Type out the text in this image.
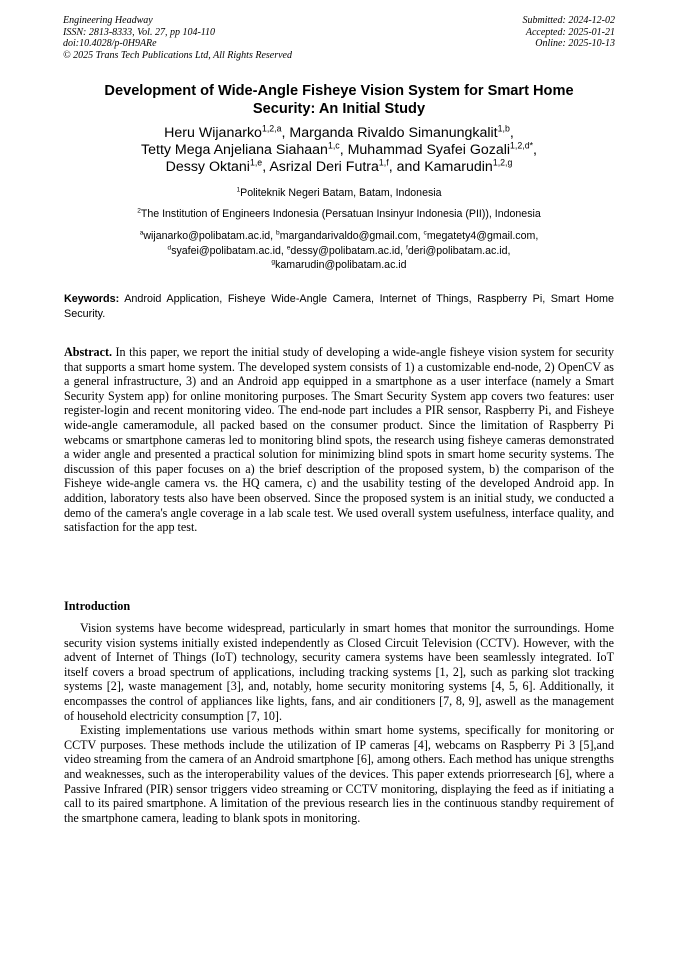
Engineering Headway
ISSN: 2813-8333, Vol. 27, pp 104-110
doi:10.4028/p-0H9ARe
© 2025 Trans Tech Publications Ltd, All Rights Reserved
Submitted: 2024-12-02
Accepted: 2025-01-21
Online: 2025-10-13
Development of Wide-Angle Fisheye Vision System for Smart Home
Security: An Initial Study
Heru Wijanarko$^{1,2,a}$, Marganda Rivaldo Simanungkalit$^{1,b}$,
Tetty Mega Anjeliana Siahaan$^{1,c}$, Muhammad Syafei Gozali$^{1,2,d*}$,
Dessy Oktani$^{1,e}$, Asrizal Deri Futra$^{1,f}$, and Kamarudin$^{1,2,g}$
$^1$Politeknik Negeri Batam, Batam, Indonesia
$^2$The Institution of Engineers Indonesia (Persatuan Insinyur Indonesia (PII)), Indonesia
$^a$wijanarko@polibatam.ac.id, $^b$margandarivaldo@gmail.com, $^c$megatety4@gmail.com,
$^d$syafei@polibatam.ac.id, $^e$dessy@polibatam.ac.id, $^f$deri@polibatam.ac.id,
$^g$kamarudin@polibatam.ac.id
Keywords: Android Application, Fisheye Wide-Angle Camera, Internet of Things, Raspberry Pi, Smart Home Security.
Abstract. In this paper, we report the initial study of developing a wide-angle fisheye vision system for security that supports a smart home system. The developed system consists of 1) a customizable end-node, 2) OpenCV as a general infrastructure, 3) and an Android app equipped in a smartphone as a user interface (namely a Smart Security System app) for online monitoring purposes. The Smart Security System app covers two features: user register-login and recent monitoring video. The end-node part includes a PIR sensor, Raspberry Pi, and Fisheye wide-angle cameramodule, all packed based on the consumer product. Since the limitation of Raspberry Pi webcams or smartphone cameras led to monitoring blind spots, the research using fisheye cameras demonstrated a wider angle and presented a practical solution for minimizing blind spots in smart home security systems. The discussion of this paper focuses on a) the brief description of the proposed system, b) the comparison of the Fisheye wide-angle camera vs. the HQ camera, c) and the usability testing of the developed Android app. In addition, laboratory tests also have been observed. Since the proposed system is an initial study, we conducted a demo of the camera's angle coverage in a lab scale test. We used overall system usefulness, interface quality, and satisfaction for the app test.
Introduction

Vision systems have become widespread, particularly in smart homes that monitor the surroundings. Home security vision systems initially existed independently as Closed Circuit Television (CCTV). However, with the advent of Internet of Things (IoT) technology, security camera systems have been seamlessly integrated. IoT itself covers a broad spectrum of applications, including tracking systems [1, 2], such as parking slot tracking systems [2], waste management [3], and, notably, home security monitoring systems [4, 5, 6]. Additionally, it encompasses the control of appliances like lights, fans, and air conditioners [7, 8, 9], aswell as the management of household electricity consumption [7, 10].

Existing implementations use various methods within smart home systems, specifically for monitoring or CCTV purposes. These methods include the utilization of IP cameras [4], webcams on Raspberry Pi 3 [5],and video streaming from the camera of an Android smartphone [6], among others. Each method has unique strengths and weaknesses, such as the interoperability values of the devices. This paper extends priorresearch [6], where a Passive Infrared (PIR) sensor triggers video streaming or CCTV monitoring, displaying the feed as if initiating a call to its paired smartphone. A limitation of the previous research lies in the continuous standby requirement of the smartphone camera, leading to blank spots in monitoring.
